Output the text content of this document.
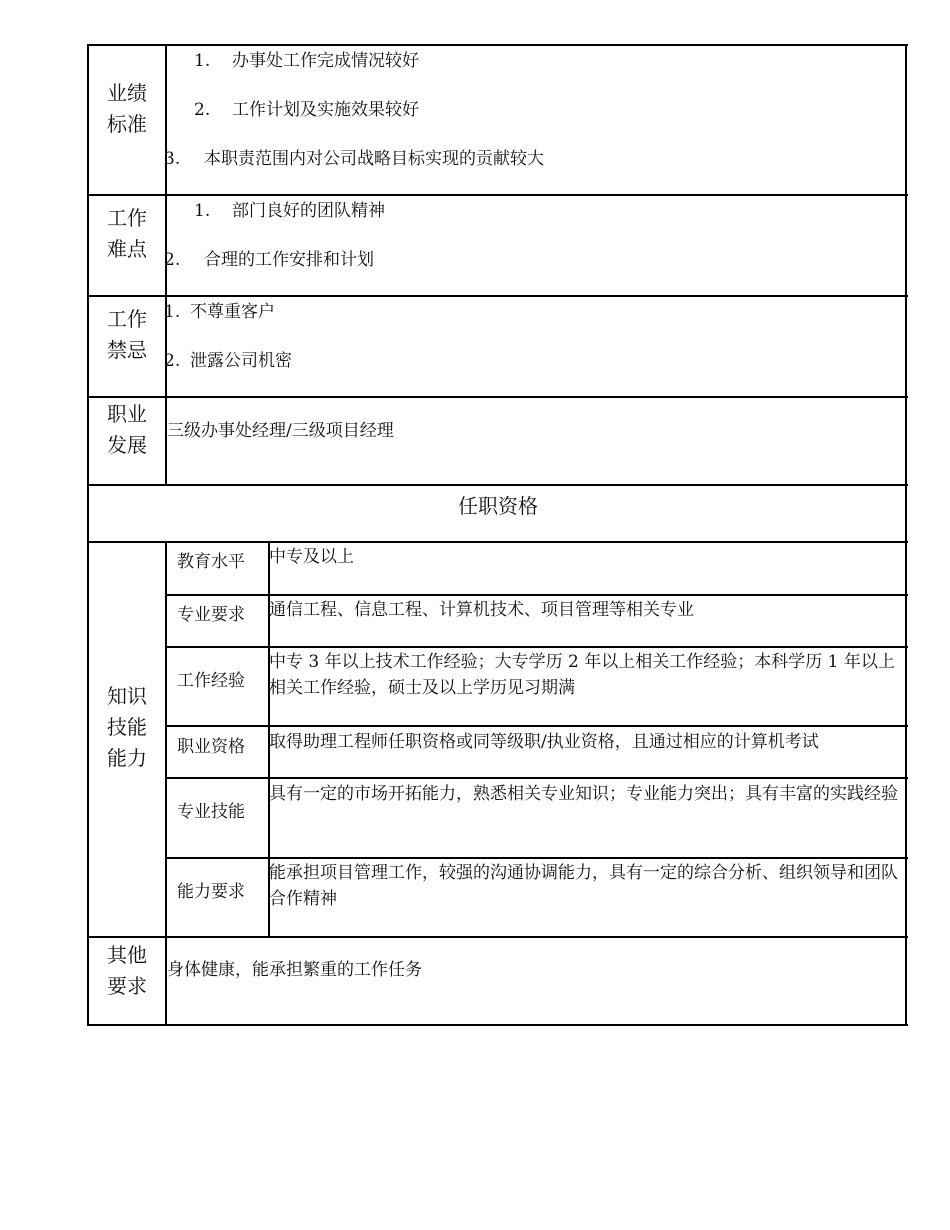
业绩
标准
1. 办事处工作完成情况较好
2. 工作计划及实施效果较好
3. 本职责范围内对公司战略目标实现的贡献较大
工作
难点
1. 部门良好的团队精神
2. 合理的工作安排和计划
工作
禁忌
1. 不尊重客户
2. 泄露公司机密
职业
发展
三级办事处经理/三级项目经理
任职资格
知识
技能
能力
教育水平 中专及以上
专业要求 通信工程、信息工程、计算机技术、项目管理等相关专业
工作经验
中专 3 年以上技术工作经验；大专学历 2 年以上相关工作经验；本科学历 1 年以上相关工作经验，硕士及以上学历见习期满
职业资格 取得助理工程师任职资格或同等级职/执业资格，且通过相应的计算机考试
专业技能
具有一定的市场开拓能力，熟悉相关专业知识；专业能力突出；具有丰富的实践经验
能力要求
能承担项目管理工作，较强的沟通协调能力，具有一定的综合分析、组织领导和团队合作精神
其他
要求
身体健康，能承担繁重的工作任务
